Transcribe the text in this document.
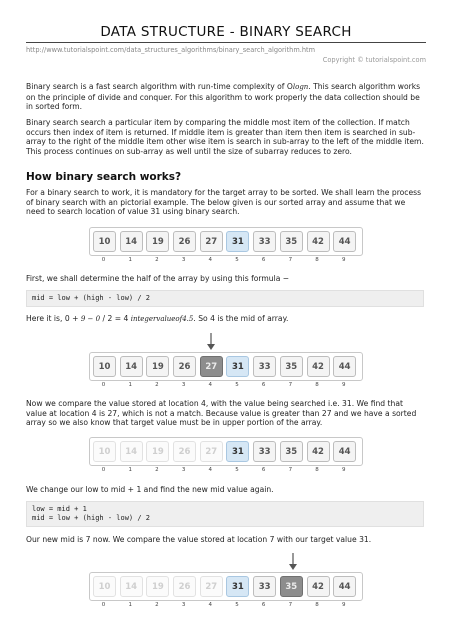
DATA STRUCTURE - BINARY SEARCH
http://www.tutorialspoint.com/data_structures_algorithms/binary_search_algorithm.htm
Copyright © tutorialspoint.com
Binary search is a fast search algorithm with run-time complexity of Οlogn. This search algorithm works on the principle of divide and conquer. For this algorithm to work properly the data collection should be in sorted form.
Binary search search a particular item by comparing the middle most item of the collection. If match occurs then index of item is returned. If middle item is greater than item then item is searched in sub-array to the right of the middle item other wise item is search in sub-array to the left of the middle item. This process continues on sub-array as well until the size of subarray reduces to zero.
How binary search works?
For a binary search to work, it is mandatory for the target array to be sorted. We shall learn the process of binary search with an pictorial example. The below given is our sorted array and assume that we need to search location of value 31 using binary search.
10	14	19	26	27	31	33	35	42	44
0	1	2	3	4	5	6	7	8	9
First, we shall determine the half of the array by using this formula −
mid = low + (high - low) / 2
Here it is, 0 + 9 − 0 / 2 = 4 integervalueof4.5. So 4 is the mid of array.
10	14	19	26	27	31	33	35	42	44
0	1	2	3	4	5	6	7	8	9
Now we compare the value stored at location 4, with the value being searched i.e. 31. We find that value at location 4 is 27, which is not a match. Because value is greater than 27 and we have a sorted array so we also know that target value must be in upper portion of the array.
10	14	19	26	27	31	33	35	42	44
0	1	2	3	4	5	6	7	8	9
We change our low to mid + 1 and find the new mid value again.
low = mid + 1
mid = low + (high - low) / 2
Our new mid is 7 now. We compare the value stored at location 7 with our target value 31.
10	14	19	26	27	31	33	35	42	44
0	1	2	3	4	5	6	7	8	9
